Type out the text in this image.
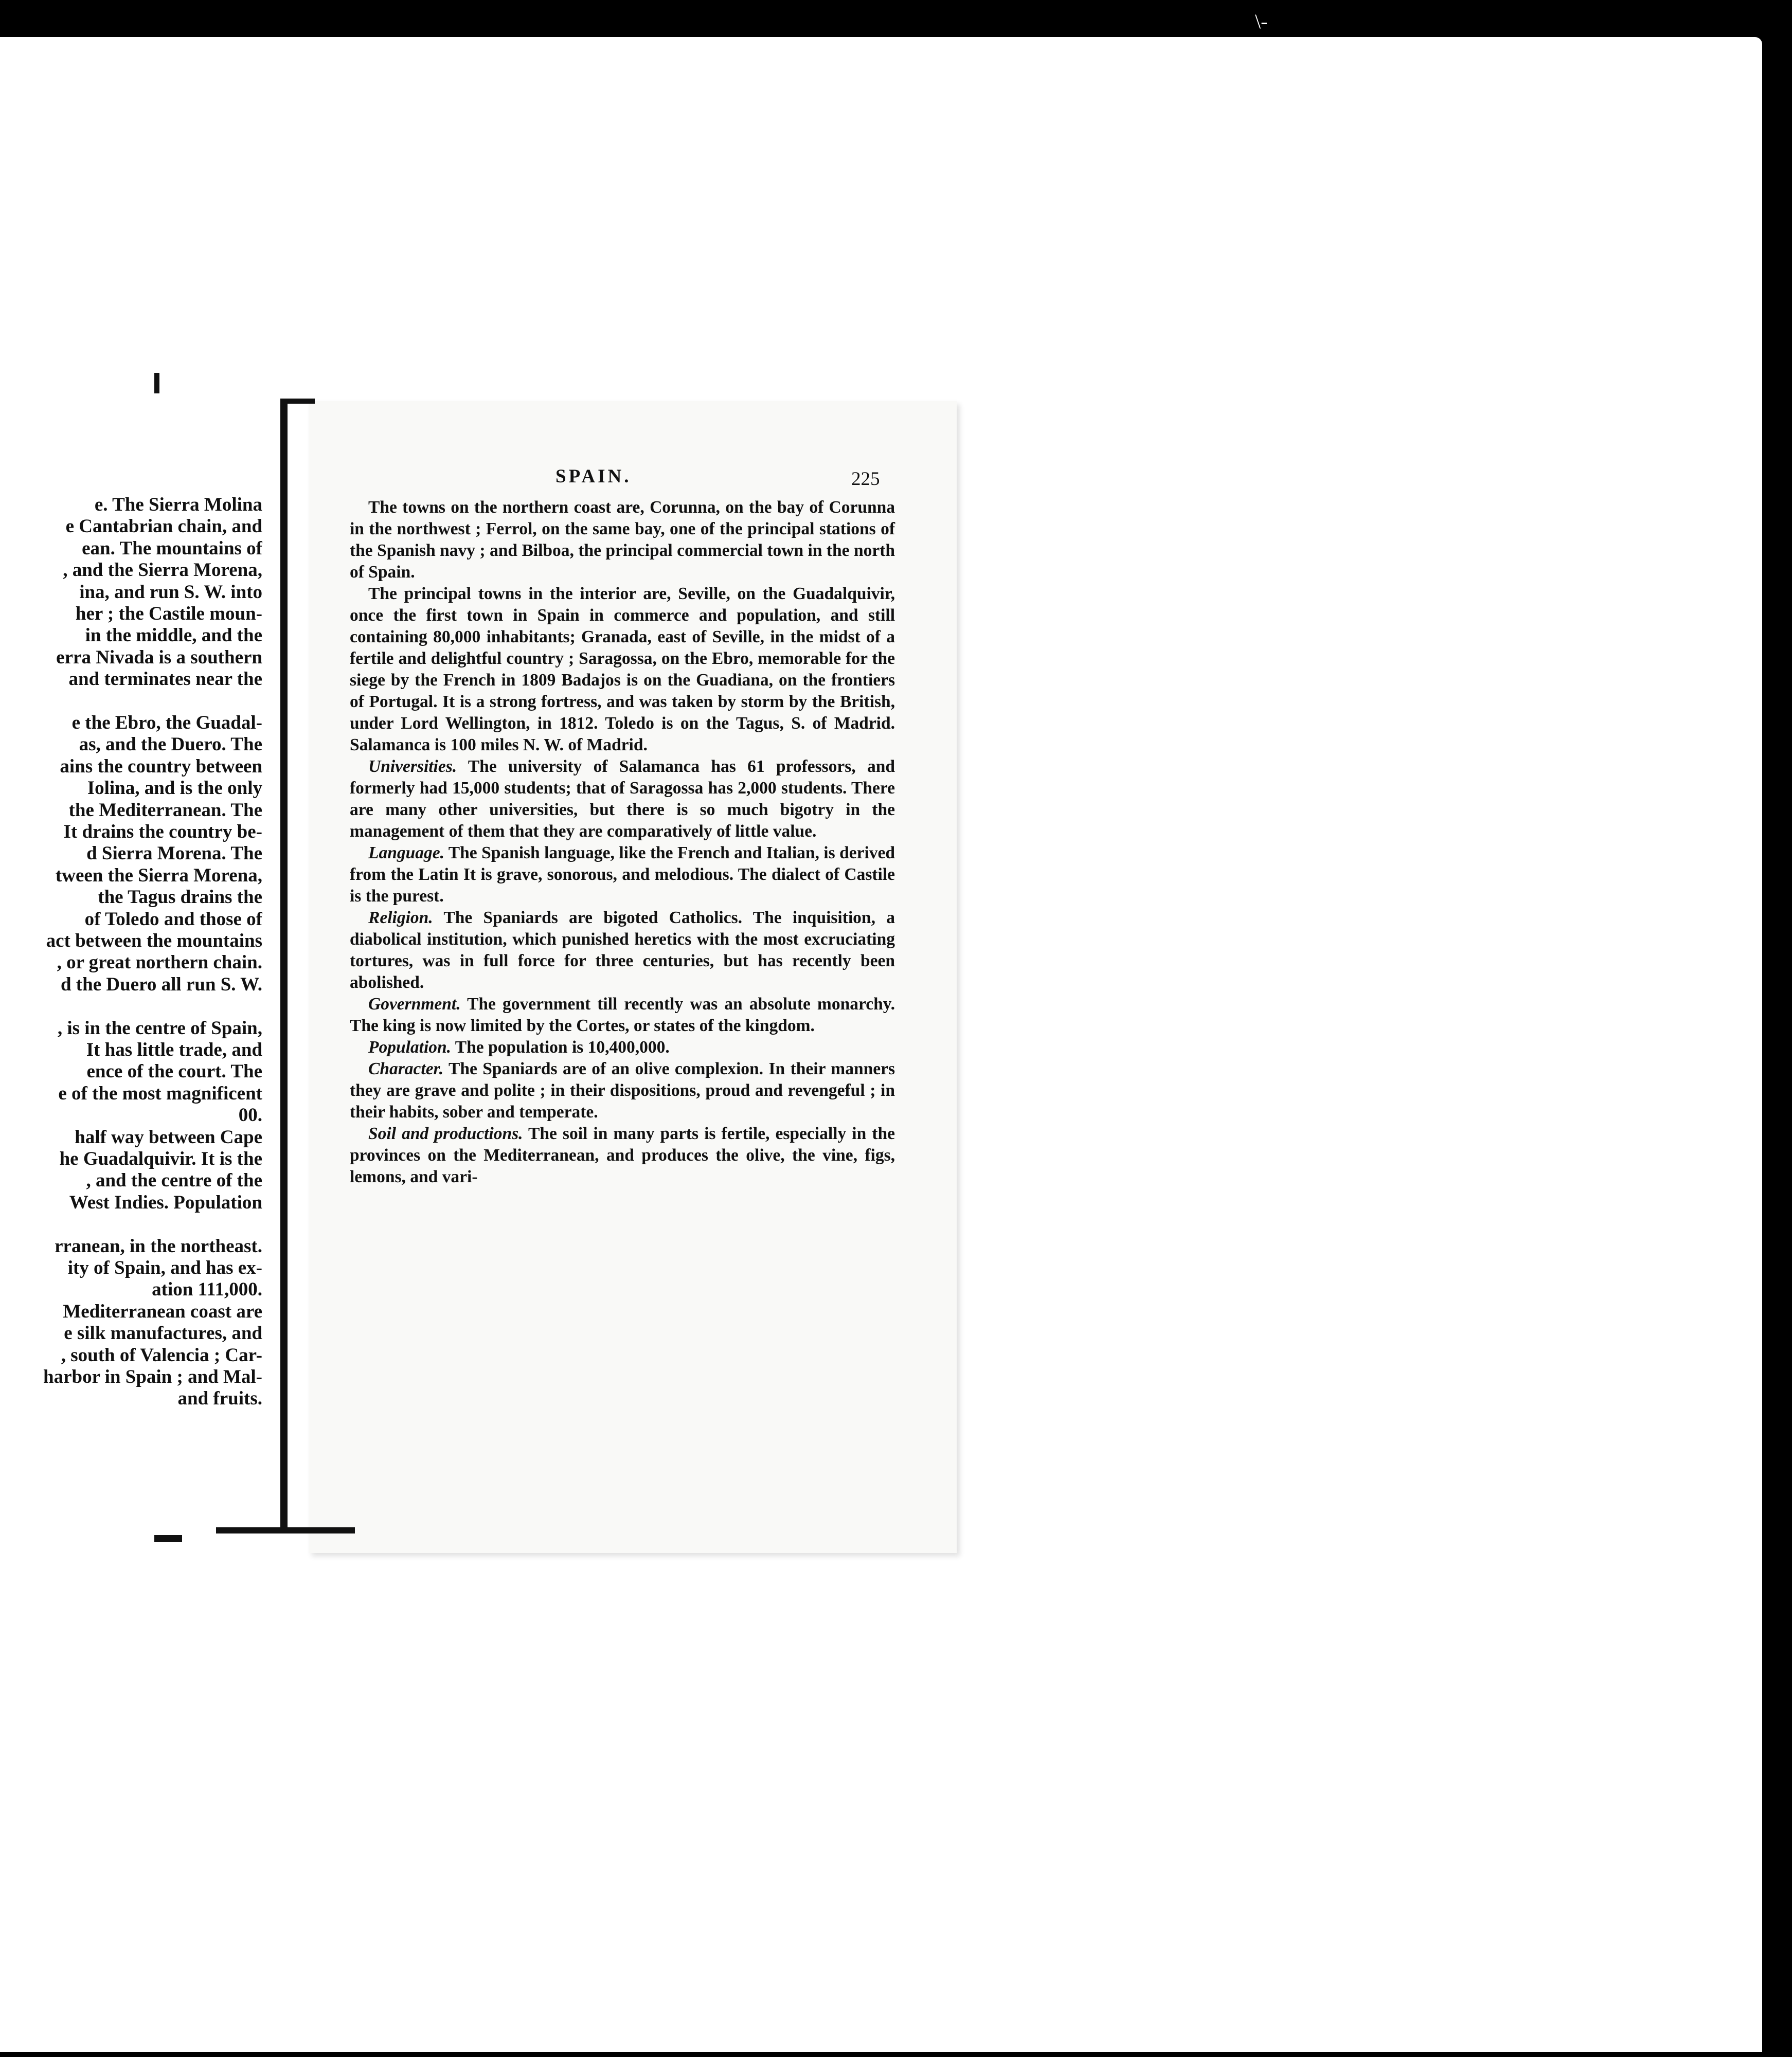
\-
● ● ● ●
e. The Sierra Molina
e Cantabrian chain, and
ean. The mountains of
, and the Sierra Morena,
ina, and run S. W. into
her ; the Castile moun-
in the middle, and the
erra Nivada is a southern
and terminates near the
e the Ebro, the Guadal-
as, and the Duero. The
ains the country between
Iolina, and is the only
the Mediterranean. The
It drains the country be-
d Sierra Morena. The
tween the Sierra Morena,
the Tagus drains the
of Toledo and those of
act between the mountains
, or great northern chain.
d the Duero all run S. W.
, is in the centre of Spain,
It has little trade, and
ence of the court. The
e of the most magnificent
00.
half way between Cape
he Guadalquivir. It is the
, and the centre of the
West Indies. Population
rranean, in the northeast.
ity of Spain, and has ex-
ation 111,000.
Mediterranean coast are
e silk manufactures, and
, south of Valencia ; Car-
harbor in Spain ; and Mal-
and fruits.
SPAIN.	225

The towns on the northern coast are, Corunna, on the bay of Corunna in the northwest ; Ferrol, on the same bay, one of the principal stations of the Spanish navy ; and Bilboa, the principal commercial town in the north of Spain.

The principal towns in the interior are, Seville, on the Guadalquivir, once the first town in Spain in commerce and population, and still containing 80,000 inhabitants; Granada, east of Seville, in the midst of a fertile and delightful country ; Saragossa, on the Ebro, memorable for the siege by the French in 1809 Badajos is on the Guadiana, on the frontiers of Portugal. It is a strong fortress, and was taken by storm by the British, under Lord Wellington, in 1812. Toledo is on the Tagus, S. of Madrid. Salamanca is 100 miles N. W. of Madrid.

Universities. The university of Salamanca has 61 professors, and formerly had 15,000 students; that of Saragossa has 2,000 students. There are many other universities, but there is so much bigotry in the management of them that they are comparatively of little value.

Language. The Spanish language, like the French and Italian, is derived from the Latin It is grave, sonorous, and melodious. The dialect of Castile is the purest.

Religion. The Spaniards are bigoted Catholics. The inquisition, a diabolical institution, which punished heretics with the most excruciating tortures, was in full force for three centuries, but has recently been abolished.

Government. The government till recently was an absolute monarchy. The king is now limited by the Cortes, or states of the kingdom.

Population. The population is 10,400,000.

Character. The Spaniards are of an olive complexion. In their manners they are grave and polite ; in their dispositions, proud and revengeful ; in their habits, sober and temperate.

Soil and productions. The soil in many parts is fertile, especially in the provinces on the Mediterranean, and produces the olive, the vine, figs, lemons, and vari-
